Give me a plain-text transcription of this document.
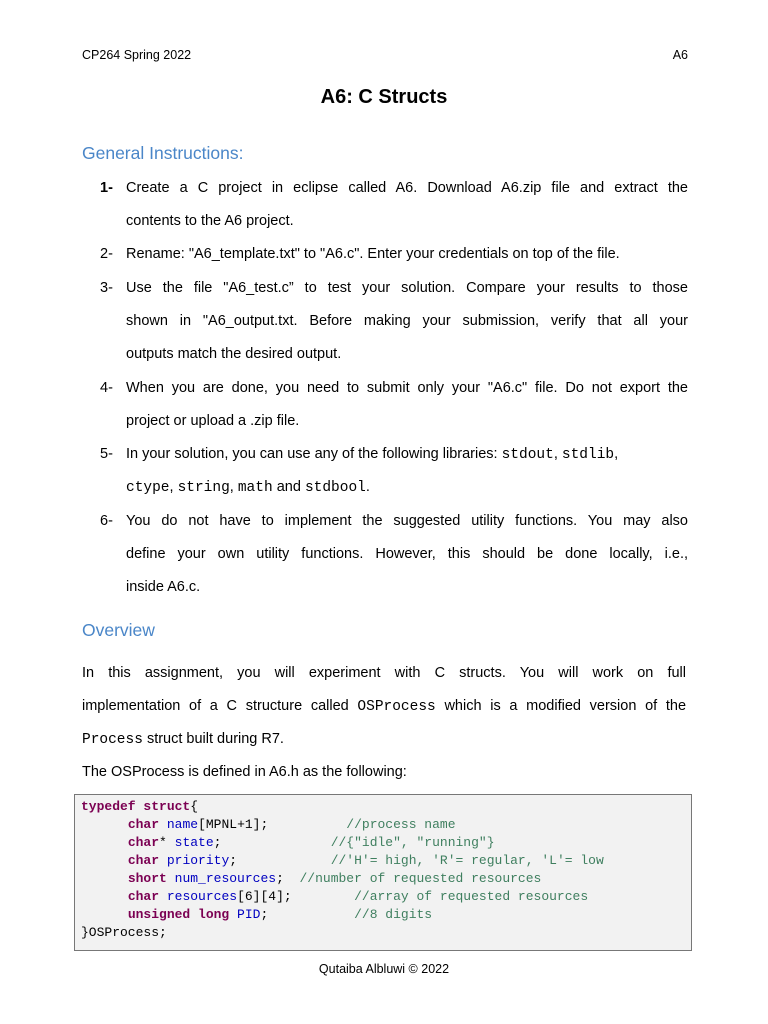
CP264 Spring 2022	A6
A6: C Structs
General Instructions:
1- Create a C project in eclipse called A6. Download A6.zip file and extract the
contents to the A6 project.
2- Rename: "A6_template.txt" to "A6.c". Enter your credentials on top of the file.
3- Use the file "A6_test.c” to test your solution. Compare your results to those
shown in "A6_output.txt. Before making your submission, verify that all your
outputs match the desired output.
4- When you are done, you need to submit only your "A6.c" file. Do not export the
project or upload a .zip file.
5- In your solution, you can use any of the following libraries: stdout, stdlib,
ctype, string, math and stdbool.
6- You do not have to implement the suggested utility functions. You may also
define your own utility functions. However, this should be done locally, i.e.,
inside A6.c.
Overview
In this assignment, you will experiment with C structs. You will work on full
implementation of a C structure called OSProcess which is a modified version of the
Process struct built during R7.
The OSProcess is defined in A6.h as the following:
typedef struct{
char name[MPNL+1];	//process name
char* state;	//{"idle", "running"}
char priority;	//'H'= high, 'R'= regular, 'L'= low
short num_resources; //number of requested resources
char resources[6][4];	//array of requested resources
unsigned long PID;	//8 digits
}OSProcess;
Qutaiba Albluwi © 2022
